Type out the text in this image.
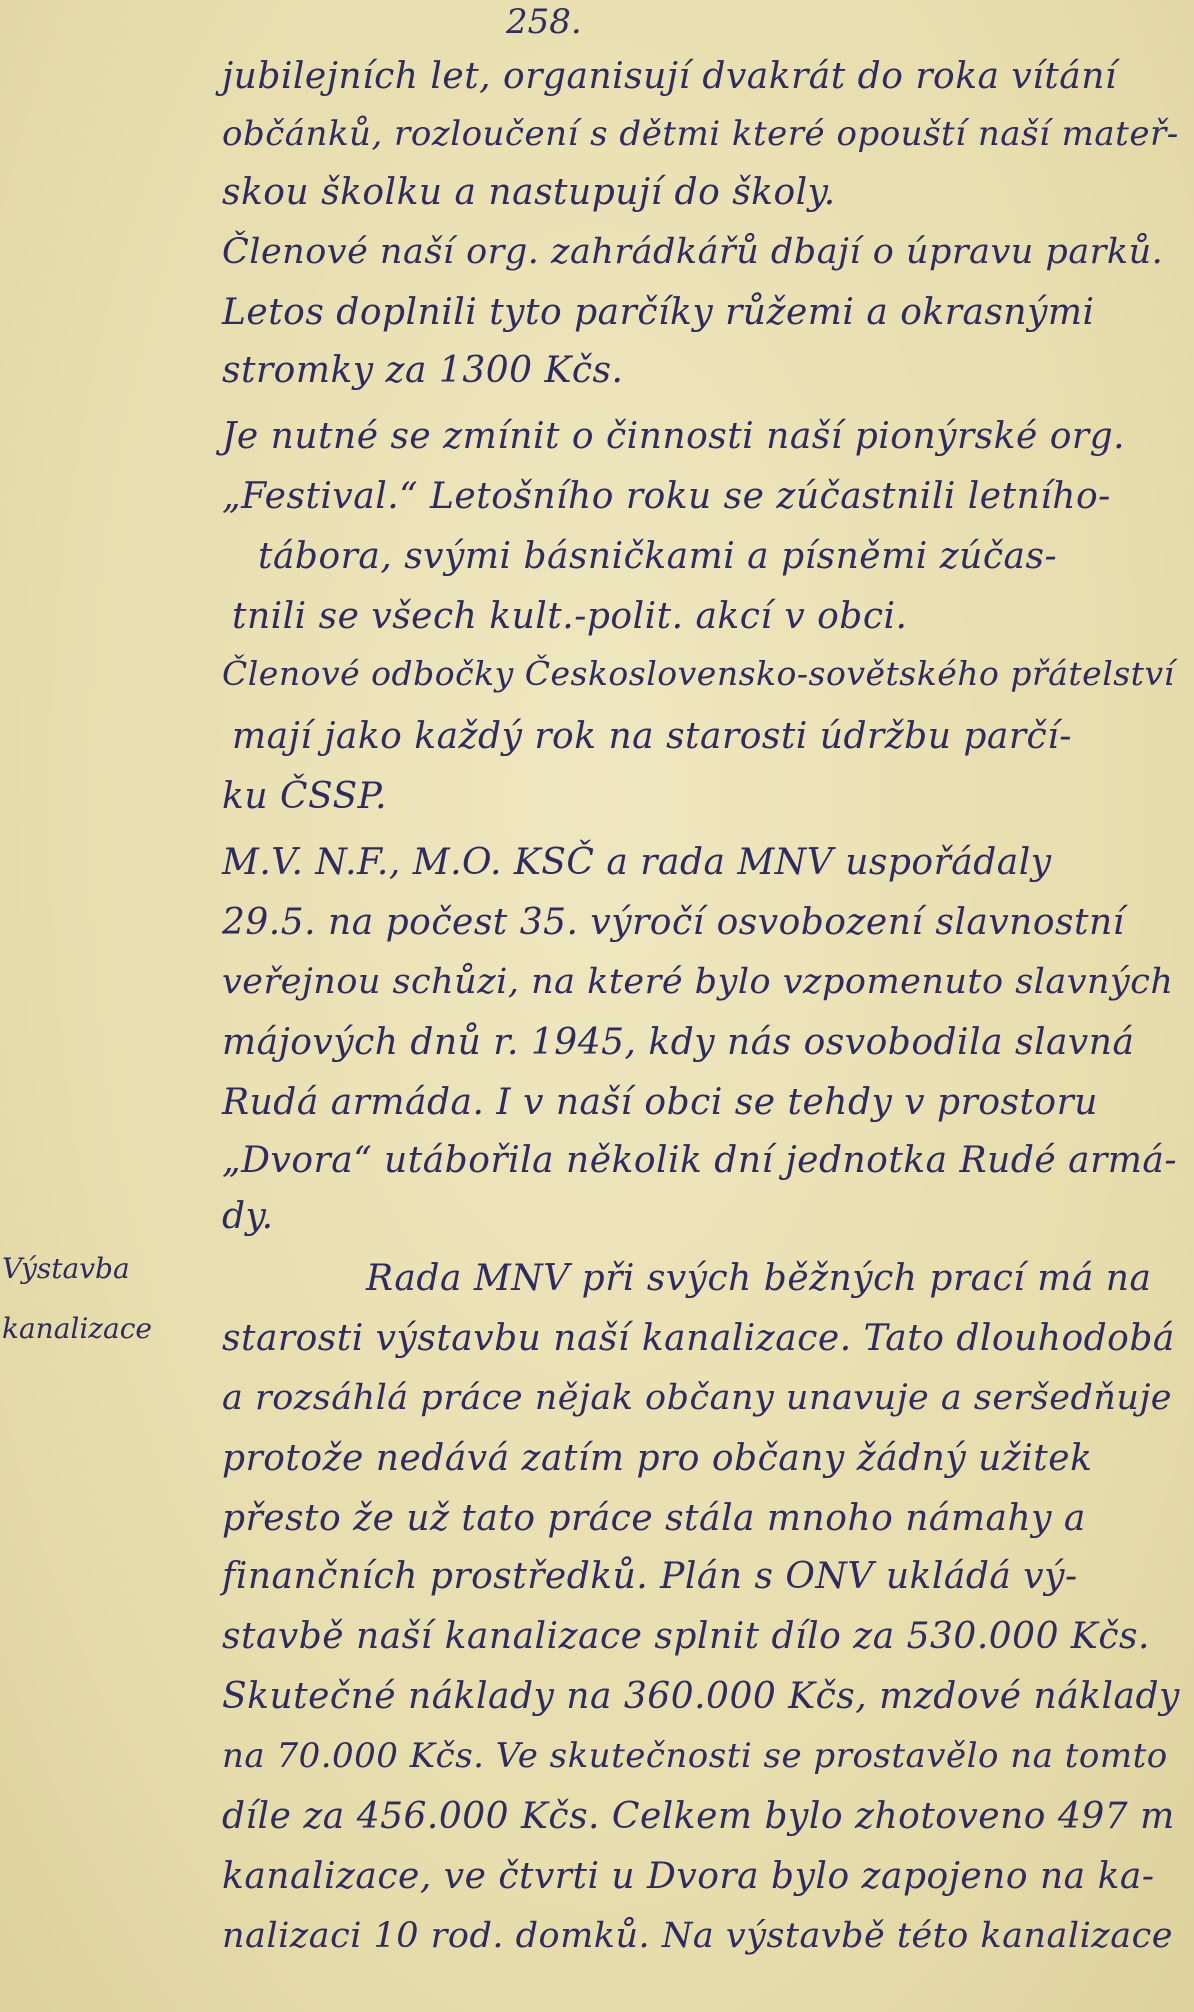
258.
Výstavba
kanalizace
jubilejních let, organisují dvakrát do roka vítání
občánků, rozloučení s dětmi které opouští naší mateř-
skou školku a nastupují do školy.
Členové naší org. zahrádkářů dbají o úpravu parků.
Letos doplnili tyto parčíky růžemi a okrasnými
stromky za 1300 Kčs.
Je nutné se zmínit o činnosti naší pionýrské org.
„Festival.“ Letošního roku se zúčastnili letního-
tábora, svými básničkami a písněmi zúčas-
tnili se všech kult.-polit. akcí v obci.
Členové odbočky Československo-sovětského přátelství
mají jako každý rok na starosti údržbu parčí-
ku ČSSP.
M.V. N.F., M.O. KSČ a rada MNV uspořádaly
29.5. na počest 35. výročí osvobození slavnostní
veřejnou schůzi, na které bylo vzpomenuto slavných
májových dnů r. 1945, kdy nás osvobodila slavná
Rudá armáda. I v naší obci se tehdy v prostoru
„Dvora“ utábořila několik dní jednotka Rudé armá-
dy.
Rada MNV při svých běžných prací má na
starosti výstavbu naší kanalizace. Tato dlouhodobá
a rozsáhlá práce nějak občany unavuje a seršedňuje
protože nedává zatím pro občany žádný užitek
přesto že už tato práce stála mnoho námahy a
finančních prostředků. Plán s ONV ukládá vý-
stavbě naší kanalizace splnit dílo za 530.000 Kčs.
Skutečné náklady na 360.000 Kčs, mzdové náklady
na 70.000 Kčs. Ve skutečnosti se prostavělo na tomto
díle za 456.000 Kčs. Celkem bylo zhotoveno 497 m
kanalizace, ve čtvrti u Dvora bylo zapojeno na ka-
nalizaci 10 rod. domků. Na výstavbě této kanalizace
